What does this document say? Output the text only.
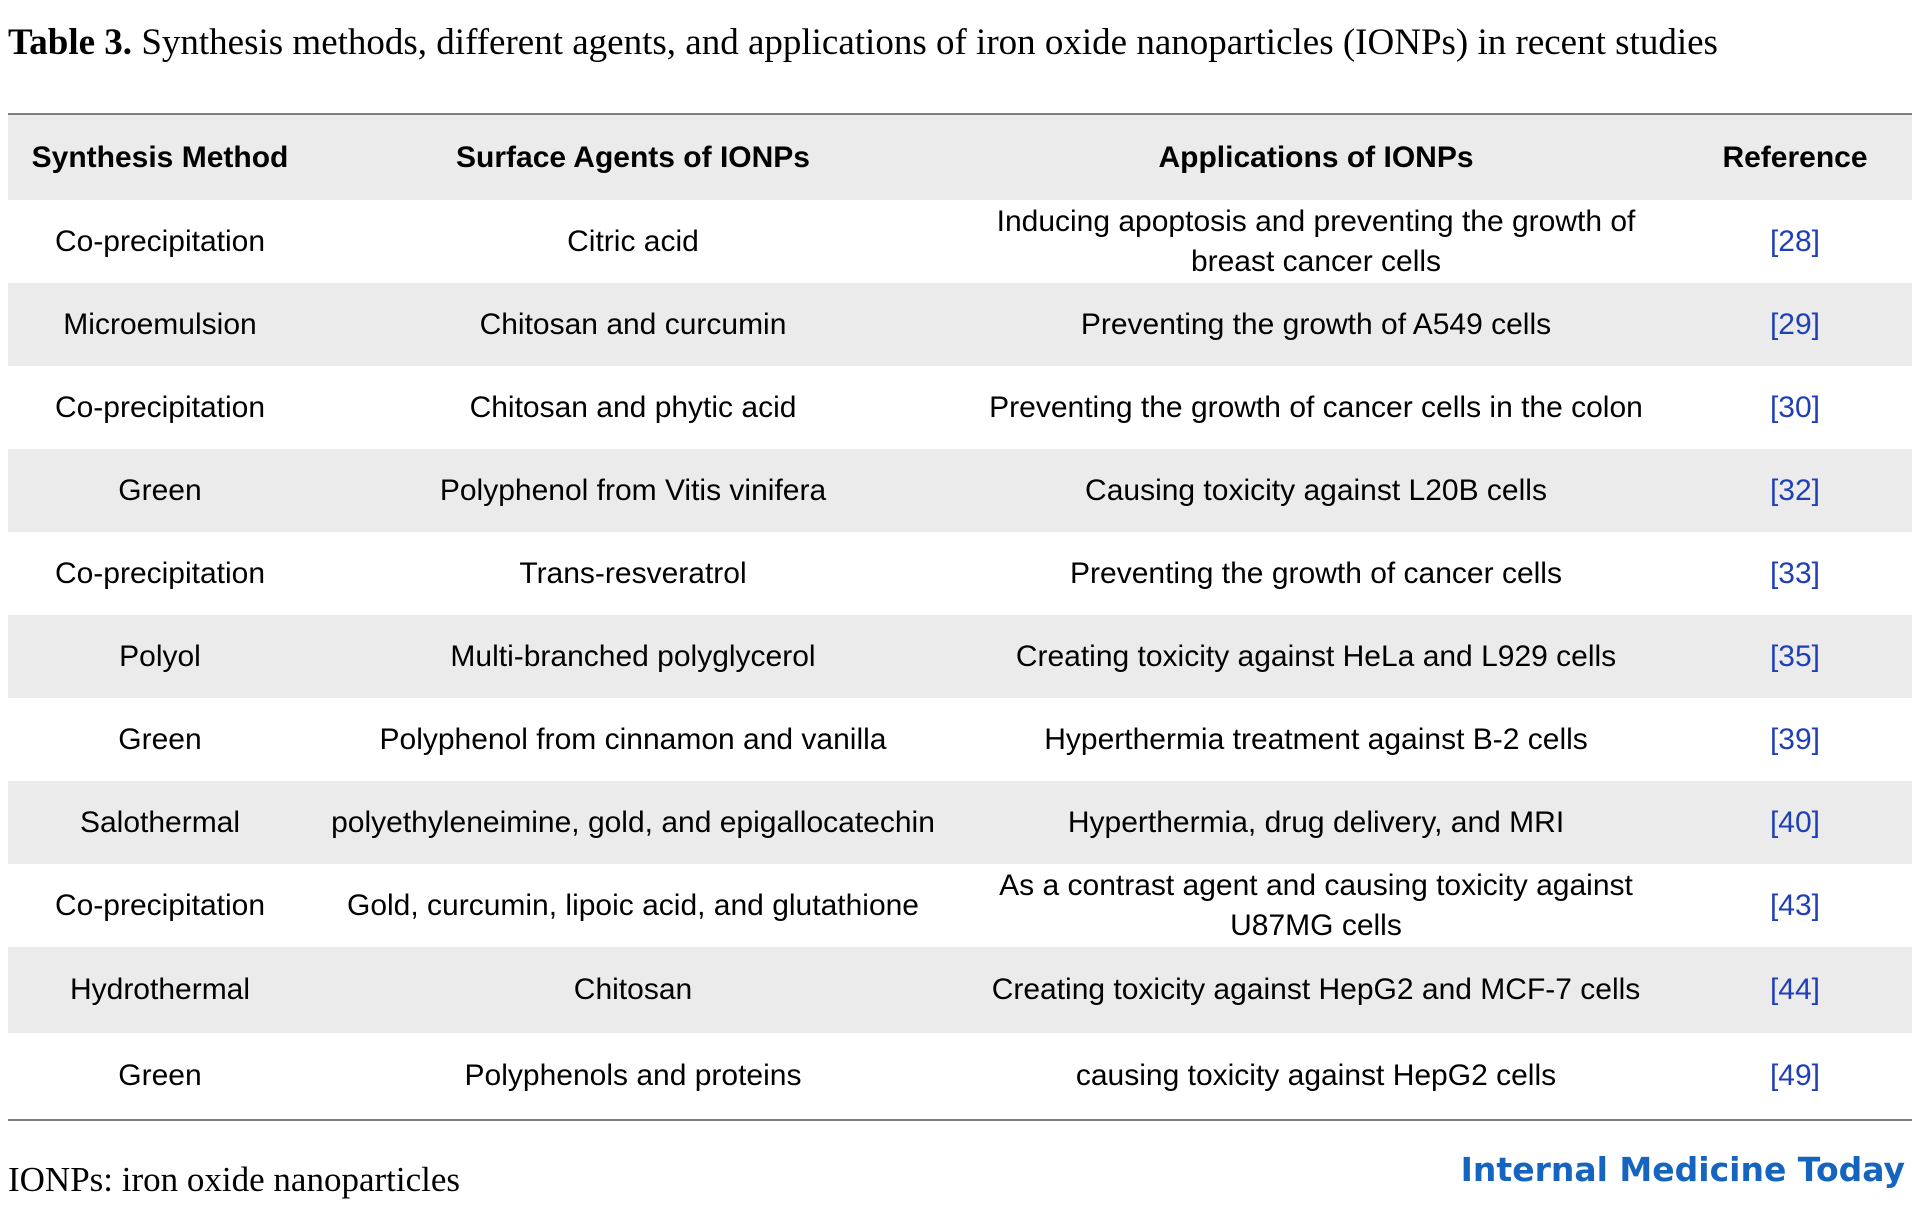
Table 3. Synthesis methods, different agents, and applications of iron oxide nanoparticles (IONPs) in recent studies
Synthesis Method	Surface Agents of IONPs	Applications of IONPs	Reference
Co-precipitation	Citric acid	Inducing apoptosis and preventing the growth of breast cancer cells	[28]
Microemulsion	Chitosan and curcumin	Preventing the growth of A549 cells	[29]
Co-precipitation	Chitosan and phytic acid	Preventing the growth of cancer cells in the colon	[30]
Green	Polyphenol from Vitis vinifera	Causing toxicity against L20B cells	[32]
Co-precipitation	Trans-resveratrol	Preventing the growth of cancer cells	[33]
Polyol	Multi-branched polyglycerol	Creating toxicity against HeLa and L929 cells	[35]
Green	Polyphenol from cinnamon and vanilla	Hyperthermia treatment against B-2 cells	[39]
Salothermal	polyethyleneimine, gold, and epigallocatechin	Hyperthermia, drug delivery, and MRI	[40]
Co-precipitation	Gold, curcumin, lipoic acid, and glutathione	As a contrast agent and causing toxicity against U87MG cells	[43]
Hydrothermal	Chitosan	Creating toxicity against HepG2 and MCF-7 cells	[44]
Green	Polyphenols and proteins	causing toxicity against HepG2 cells	[49]
IONPs: iron oxide nanoparticles	Internal Medicine Today
